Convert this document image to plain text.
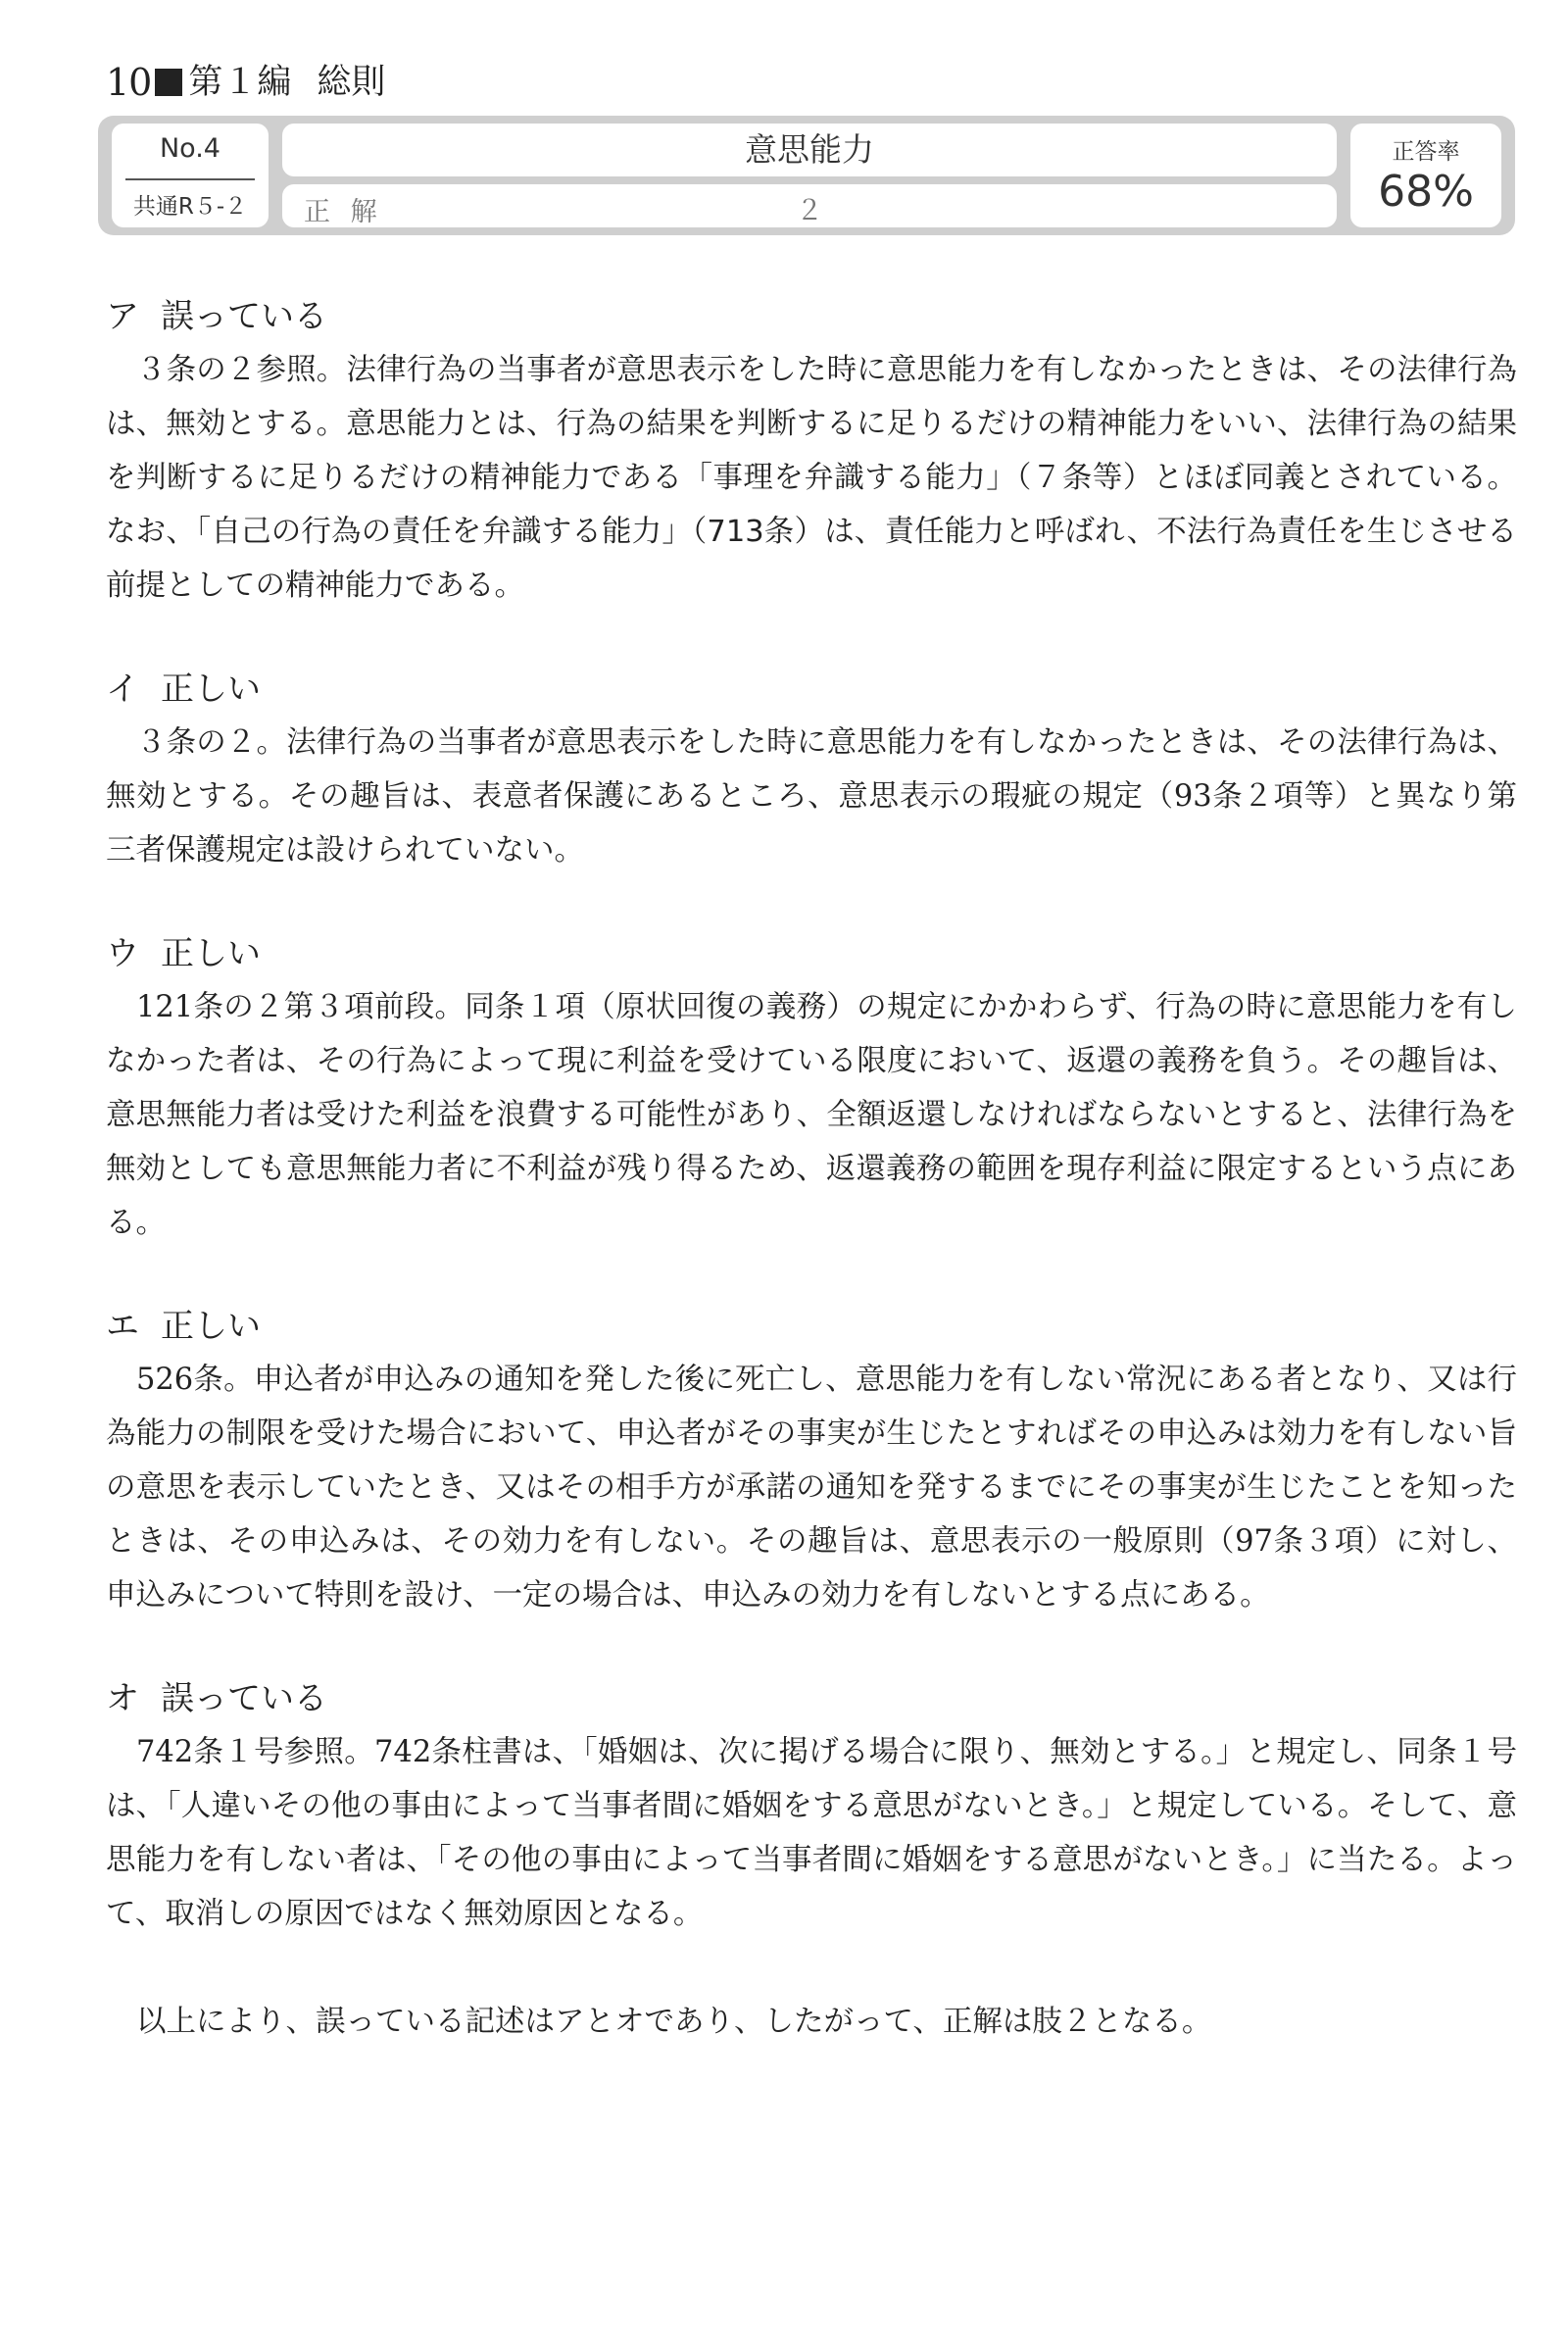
10 第１編 総則
No.4
共通R５-２
意思能力
正 解	２
正答率
68%
ア 誤っている

３条の２参照。法律行為の当事者が意思表示をした時に意思能力を有しなかったときは、その法律行為は、無効とする。意思能力とは、行為の結果を判断するに足りるだけの精神能力をいい、法律行為の結果を判断するに足りるだけの精神能力である「事理を弁識する能力」（７条等）とほぼ同義とされている。なお、「自己の行為の責任を弁識する能力」（713条）は、責任能力と呼ばれ、不法行為責任を生じさせる前提としての精神能力である。

イ 正しい

３条の２。法律行為の当事者が意思表示をした時に意思能力を有しなかったときは、その法律行為は、無効とする。その趣旨は、表意者保護にあるところ、意思表示の瑕疵の規定（93条２項等）と異なり第三者保護規定は設けられていない。

ウ 正しい

121条の２第３項前段。同条１項（原状回復の義務）の規定にかかわらず、行為の時に意思能力を有しなかった者は、その行為によって現に利益を受けている限度において、返還の義務を負う。その趣旨は、意思無能力者は受けた利益を浪費する可能性があり、全額返還しなければならないとすると、法律行為を無効としても意思無能力者に不利益が残り得るため、返還義務の範囲を現存利益に限定するという点にある。

エ 正しい

526条。申込者が申込みの通知を発した後に死亡し、意思能力を有しない常況にある者となり、又は行為能力の制限を受けた場合において、申込者がその事実が生じたとすればその申込みは効力を有しない旨の意思を表示していたとき、又はその相手方が承諾の通知を発するまでにその事実が生じたことを知ったときは、その申込みは、その効力を有しない。その趣旨は、意思表示の一般原則（97条３項）に対し、申込みについて特則を設け、一定の場合は、申込みの効力を有しないとする点にある。

オ 誤っている

742条１号参照。742条柱書は、「婚姻は、次に掲げる場合に限り、無効とする。」と規定し、同条１号は、「人違いその他の事由によって当事者間に婚姻をする意思がないとき。」と規定している。そして、意思能力を有しない者は、「その他の事由によって当事者間に婚姻をする意思がないとき。」に当たる。よって、取消しの原因ではなく無効原因となる。

以上により、誤っている記述はアとオであり、したがって、正解は肢２となる。
